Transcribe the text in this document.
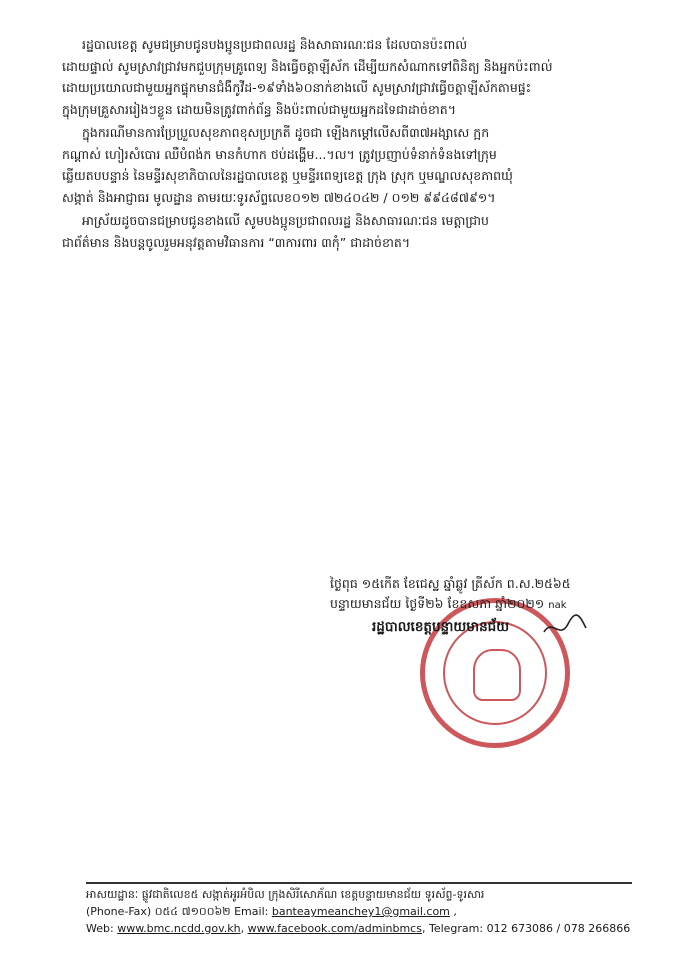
រដ្ឋបាលខេត្ត សូមជម្រាបជូនបងប្អូនប្រជាពលរដ្ឋ និងសាធារណៈជន ដែលបានប៉ះពាល់
ដោយផ្ទាល់ សូមស្រាវជ្រាវមកជួបក្រុមគ្រូពេទ្យ និងធ្វើចត្តាឡីស័ក ដើម្បីយកសំណាកទៅពិនិត្យ និងអ្នកប៉ះពាល់
ដោយប្រយោលជាមួយអ្នកផ្ទុកមានជំងឺកូវីដ-១៩ទាំង៦០នាក់ខាងលើ សូមស្រាវជ្រាវធ្វើចត្តាឡីស័កតាមផ្ទះ
ក្នុងក្រុមគ្រួសាររៀងៗខ្លួន ដោយមិនត្រូវពាក់ព័ន្ធ និងប៉ះពាល់ជាមួយអ្នកដទៃជាដាច់ខាត។

ក្នុងករណីមានការប្រែប្រួលសុខភាពខុសប្រក្រតី ដូចជា ឡើងកម្ដៅលើសពី៣៧អង្សាសេ ក្អក
កណ្ដាស់ ហៀរសំបោរ ឈឺបំពង់ក មានកំហាក ថប់ដង្ហើម...។ល។ ត្រូវប្រញាប់ទំនាក់ទំនងទៅក្រុម
ឆ្លើយតបបន្ទាន់ នៃមន្ទីរសុខាភិបាលនៃរដ្ឋបាលខេត្ត ឬមន្ទីរពេទ្យខេត្ត ក្រុង ស្រុក ឬមណ្ឌលសុខភាពឃុំ
សង្កាត់ និងអាជ្ញាធរ មូលដ្ឋាន តាមរយៈទូរស័ព្ទលេខ០១២ ៧២៤០៤២ / ០១២ ៩៩៤៨៧៩១។

អាស្រ័យដូចបានជម្រាបជូនខាងលើ សូមបងប្អូនប្រជាពលរដ្ឋ និងសាធារណៈជន មេត្តាជ្រាប
ជាព័ត៌មាន និងបន្តចូលរួមអនុវត្តតាមវិធានការ “៣ការពារ ៣កុំ” ជាដាច់ខាត។

ថ្ងៃពុធ ១៥កើត ខែជេស្ឋ ឆ្នាំឆ្លូវ ត្រីស័ក ព.ស.២៥៦៥
បន្ទាយមានជ័យ ថ្ងៃទី២៦ ខែឧសភា ឆ្នាំ២០២១ nak
រដ្ឋបាលខេត្តបន្ទាយមានជ័យ
អាសយដ្ឋានៈ ផ្លូវជាតិលេខ៥ សង្កាត់អូរអំបិល ក្រុងសិរីសោភ័ណ ខេត្តបន្ទាយមានជ័យ ទូរស័ព្ទ-ទូរសារ
(Phone-Fax) ០៥៤ ៧១០០៦២ Email: banteaymeanchey1@gmail.com ,
Web: www.bmc.ncdd.gov.kh, www.facebook.com/adminbmcs, Telegram: 012 673086 / 078 266866
